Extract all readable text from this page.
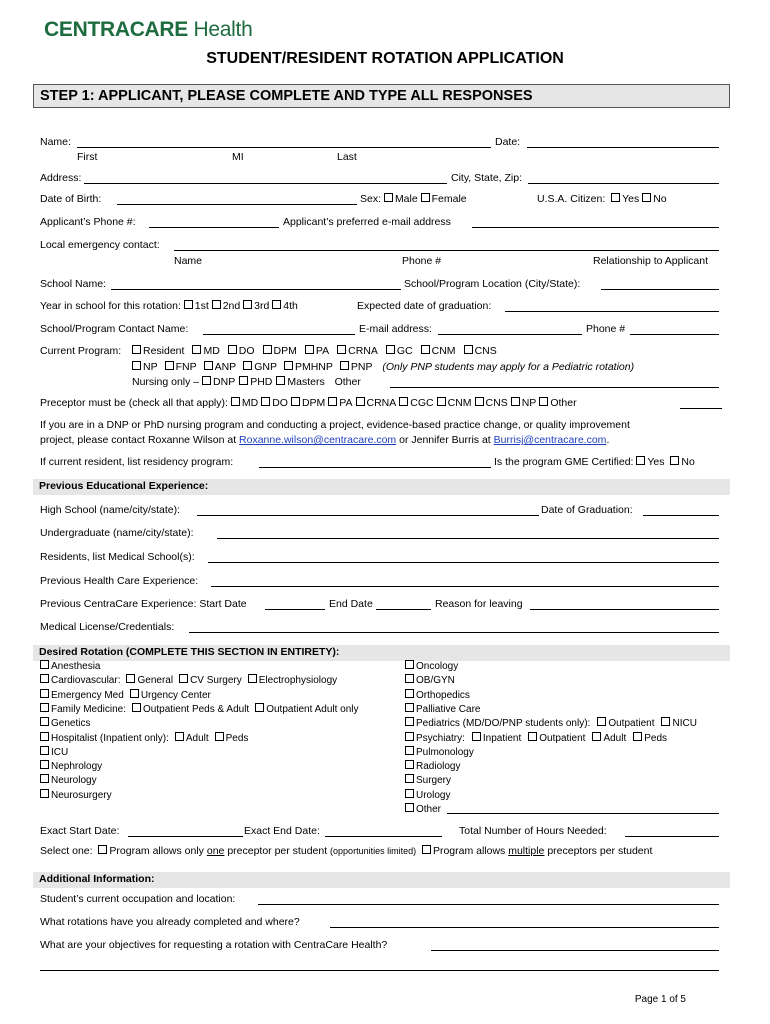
CENTRACARE Health
STUDENT/RESIDENT ROTATION APPLICATION
STEP 1: APPLICANT, PLEASE COMPLETE AND TYPE ALL RESPONSES
Name:	Date:
First	MI	Last
Address:	City, State, Zip:
Date of Birth:	Sex: Male Female	U.S.A. Citizen: Yes No
Applicant’s Phone #:	Applicant’s preferred e-mail address
Local emergency contact:
Name	Phone #	Relationship to Applicant
School Name:	School/Program Location (City/State):
Year in school for this rotation: 1st 2nd 3rd 4th	Expected date of graduation:
School/Program Contact Name:	E-mail address:	Phone #
Current Program:	Resident MD DO DPM PA CRNA GC CNM CNS
NP FNP ANP GNP PMHNP PNP (Only PNP students may apply for a Pediatric rotation)
Nursing only – DNP PHD Masters Other
Preceptor must be (check all that apply): MD DO DPM PA CRNA CGC CNM CNS NP Other
If you are in a DNP or PhD nursing program and conducting a project, evidence-based practice change, or quality improvement
project, please contact Roxanne Wilson at Roxanne.wilson@centracare.com or Jennifer Burris at Burrisj@centracare.com.
If current resident, list residency program:	Is the program GME Certified: Yes No
Previous Educational Experience:
High School (name/city/state):	Date of Graduation:
Undergraduate (name/city/state):
Residents, list Medical School(s):
Previous Health Care Experience:
Previous CentraCare Experience: Start Date	End Date	Reason for leaving
Medical License/Credentials:
Desired Rotation (COMPLETE THIS SECTION IN ENTIRETY):
Anesthesia
Cardiovascular: General CV Surgery Electrophysiology
Emergency Med Urgency Center
Family Medicine: Outpatient Peds & Adult Outpatient Adult only
Genetics
Hospitalist (Inpatient only): Adult Peds
ICU
Nephrology
Neurology
Neurosurgery
Oncology
OB/GYN
Orthopedics
Palliative Care
Pediatrics (MD/DO/PNP students only): Outpatient NICU
Psychiatry: Inpatient Outpatient Adult Peds
Pulmonology
Radiology
Surgery
Urology
Other
Exact Start Date:	Exact End Date:	Total Number of Hours Needed:
Select one: Program allows only one preceptor per student (opportunities limited) Program allows multiple preceptors per student
Additional Information:
Student’s current occupation and location:
What rotations have you already completed and where?
What are your objectives for requesting a rotation with CentraCare Health?
Page 1 of 5
